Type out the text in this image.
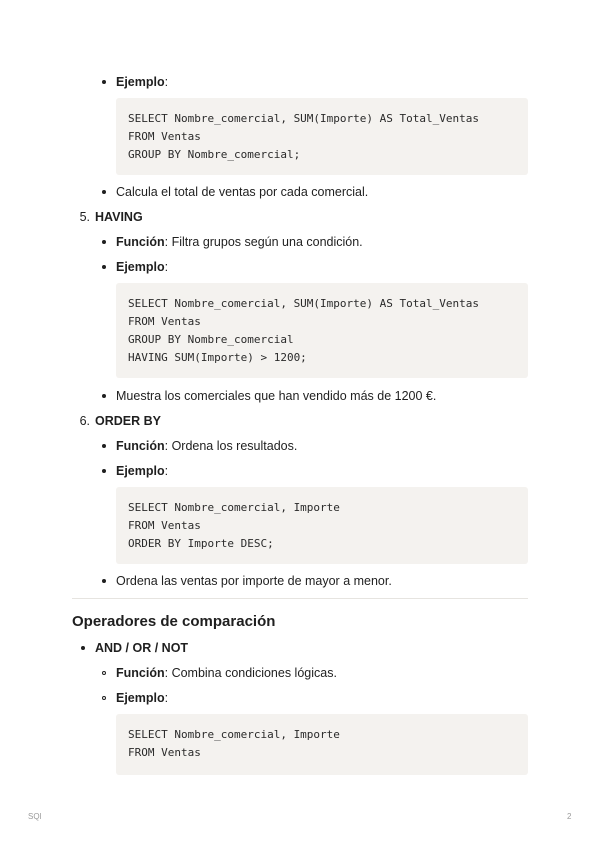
Ejemplo:
SELECT Nombre_comercial, SUM(Importe) AS Total_Ventas
FROM Ventas
GROUP BY Nombre_comercial;
Calcula el total de ventas por cada comercial.
5. HAVING
Función: Filtra grupos según una condición.
Ejemplo:
SELECT Nombre_comercial, SUM(Importe) AS Total_Ventas
FROM Ventas
GROUP BY Nombre_comercial
HAVING SUM(Importe) > 1200;
Muestra los comerciales que han vendido más de 1200 €.
6. ORDER BY
Función: Ordena los resultados.
Ejemplo:
SELECT Nombre_comercial, Importe
FROM Ventas
ORDER BY Importe DESC;
Ordena las ventas por importe de mayor a menor.
Operadores de comparación
AND / OR / NOT
Función: Combina condiciones lógicas.
Ejemplo:
SELECT Nombre_comercial, Importe
FROM Ventas
SQl	2
